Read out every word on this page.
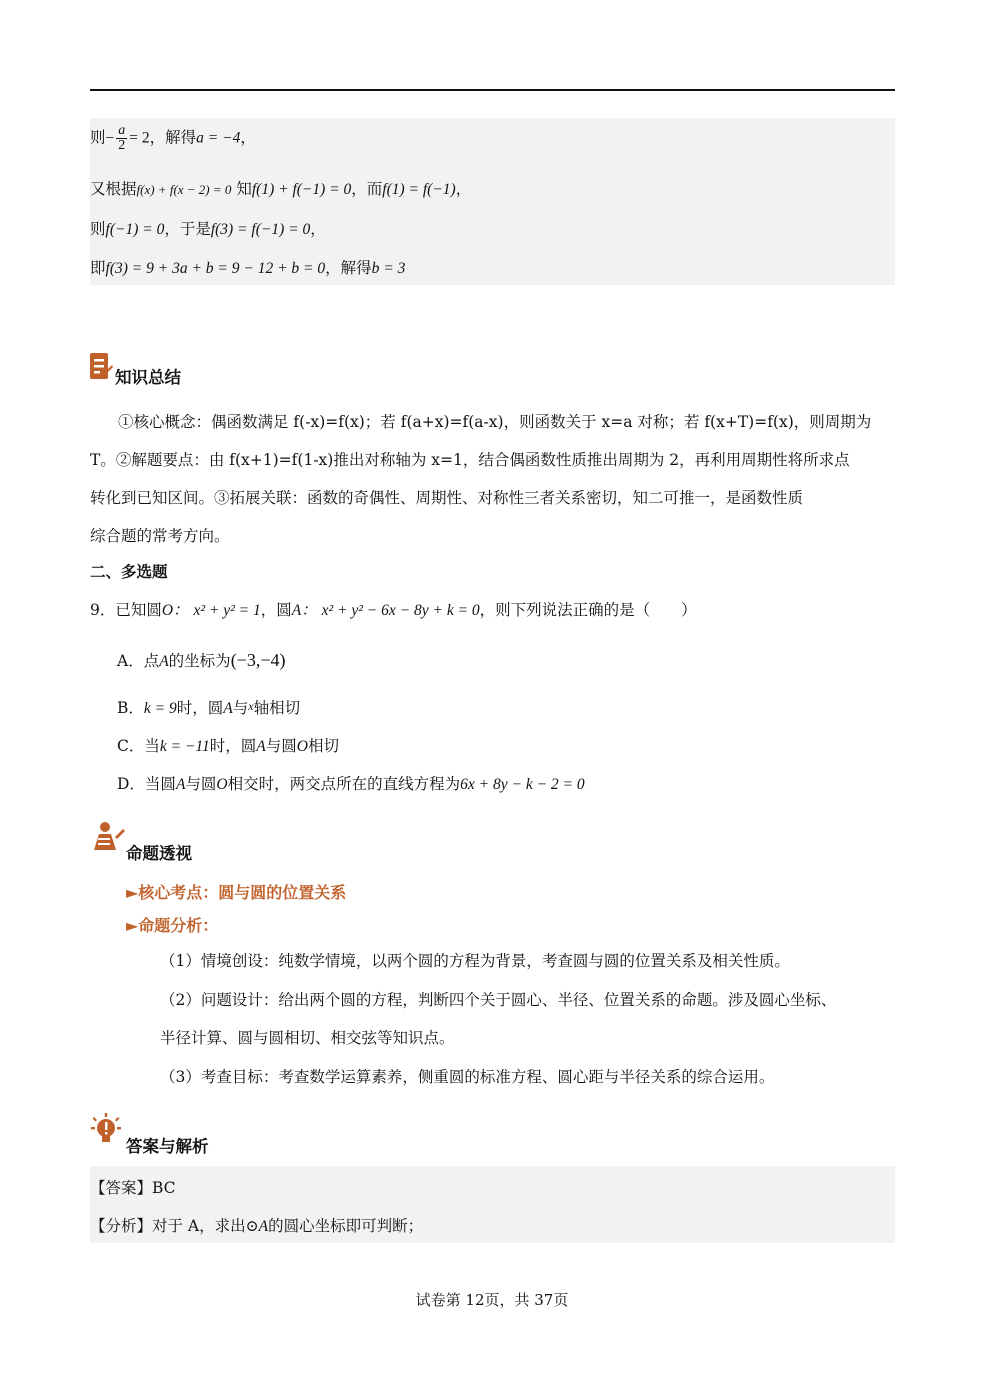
则− $\frac{a}{2} = 2$，解得a = −4，
又根据f(x) + f(x − 2) = 0 知f(1) + f(−1) = 0，而f(1) = f(−1)，
则f(−1) = 0，于是f(3) = f(−1) = 0，
即f(3) = 9 + 3a + b = 9 − 12 + b = 0，解得b = 3
知识总结
①核心概念：偶函数满足 f(-x)=f(x)；若 f(a+x)=f(a-x)，则函数关于 x=a 对称；若 f(x+T)=f(x)，则周期为
T。②解题要点：由 f(x+1)=f(1-x)推出对称轴为 x=1，结合偶函数性质推出周期为 2，再利用周期性将所求点
转化到已知区间。③拓展关联：函数的奇偶性、周期性、对称性三者关系密切，知二可推一，是函数性质
综合题的常考方向。
二、多选题
9．已知圆O： x² + y² = 1，圆A： x² + y² − 6x − 8y + k = 0，则下列说法正确的是（　　）
A．点A的坐标为(−3,−4)
B．k = 9时，圆A与x轴相切
C．当k = −11时，圆A与圆O相切
D．当圆A与圆O相交时，两交点所在的直线方程为6x + 8y − k − 2 = 0
命题透视
►核心考点：圆与圆的位置关系
►命题分析：
（1）情境创设：纯数学情境，以两个圆的方程为背景，考查圆与圆的位置关系及相关性质。
（2）问题设计：给出两个圆的方程，判断四个关于圆心、半径、位置关系的命题。涉及圆心坐标、
半径计算、圆与圆相切、相交弦等知识点。
（3）考查目标：考查数学运算素养，侧重圆的标准方程、圆心距与半径关系的综合运用。
答案与解析
【答案】BC
【分析】对于 A，求出⊙A的圆心坐标即可判断；
试卷第 12页，共 37页
